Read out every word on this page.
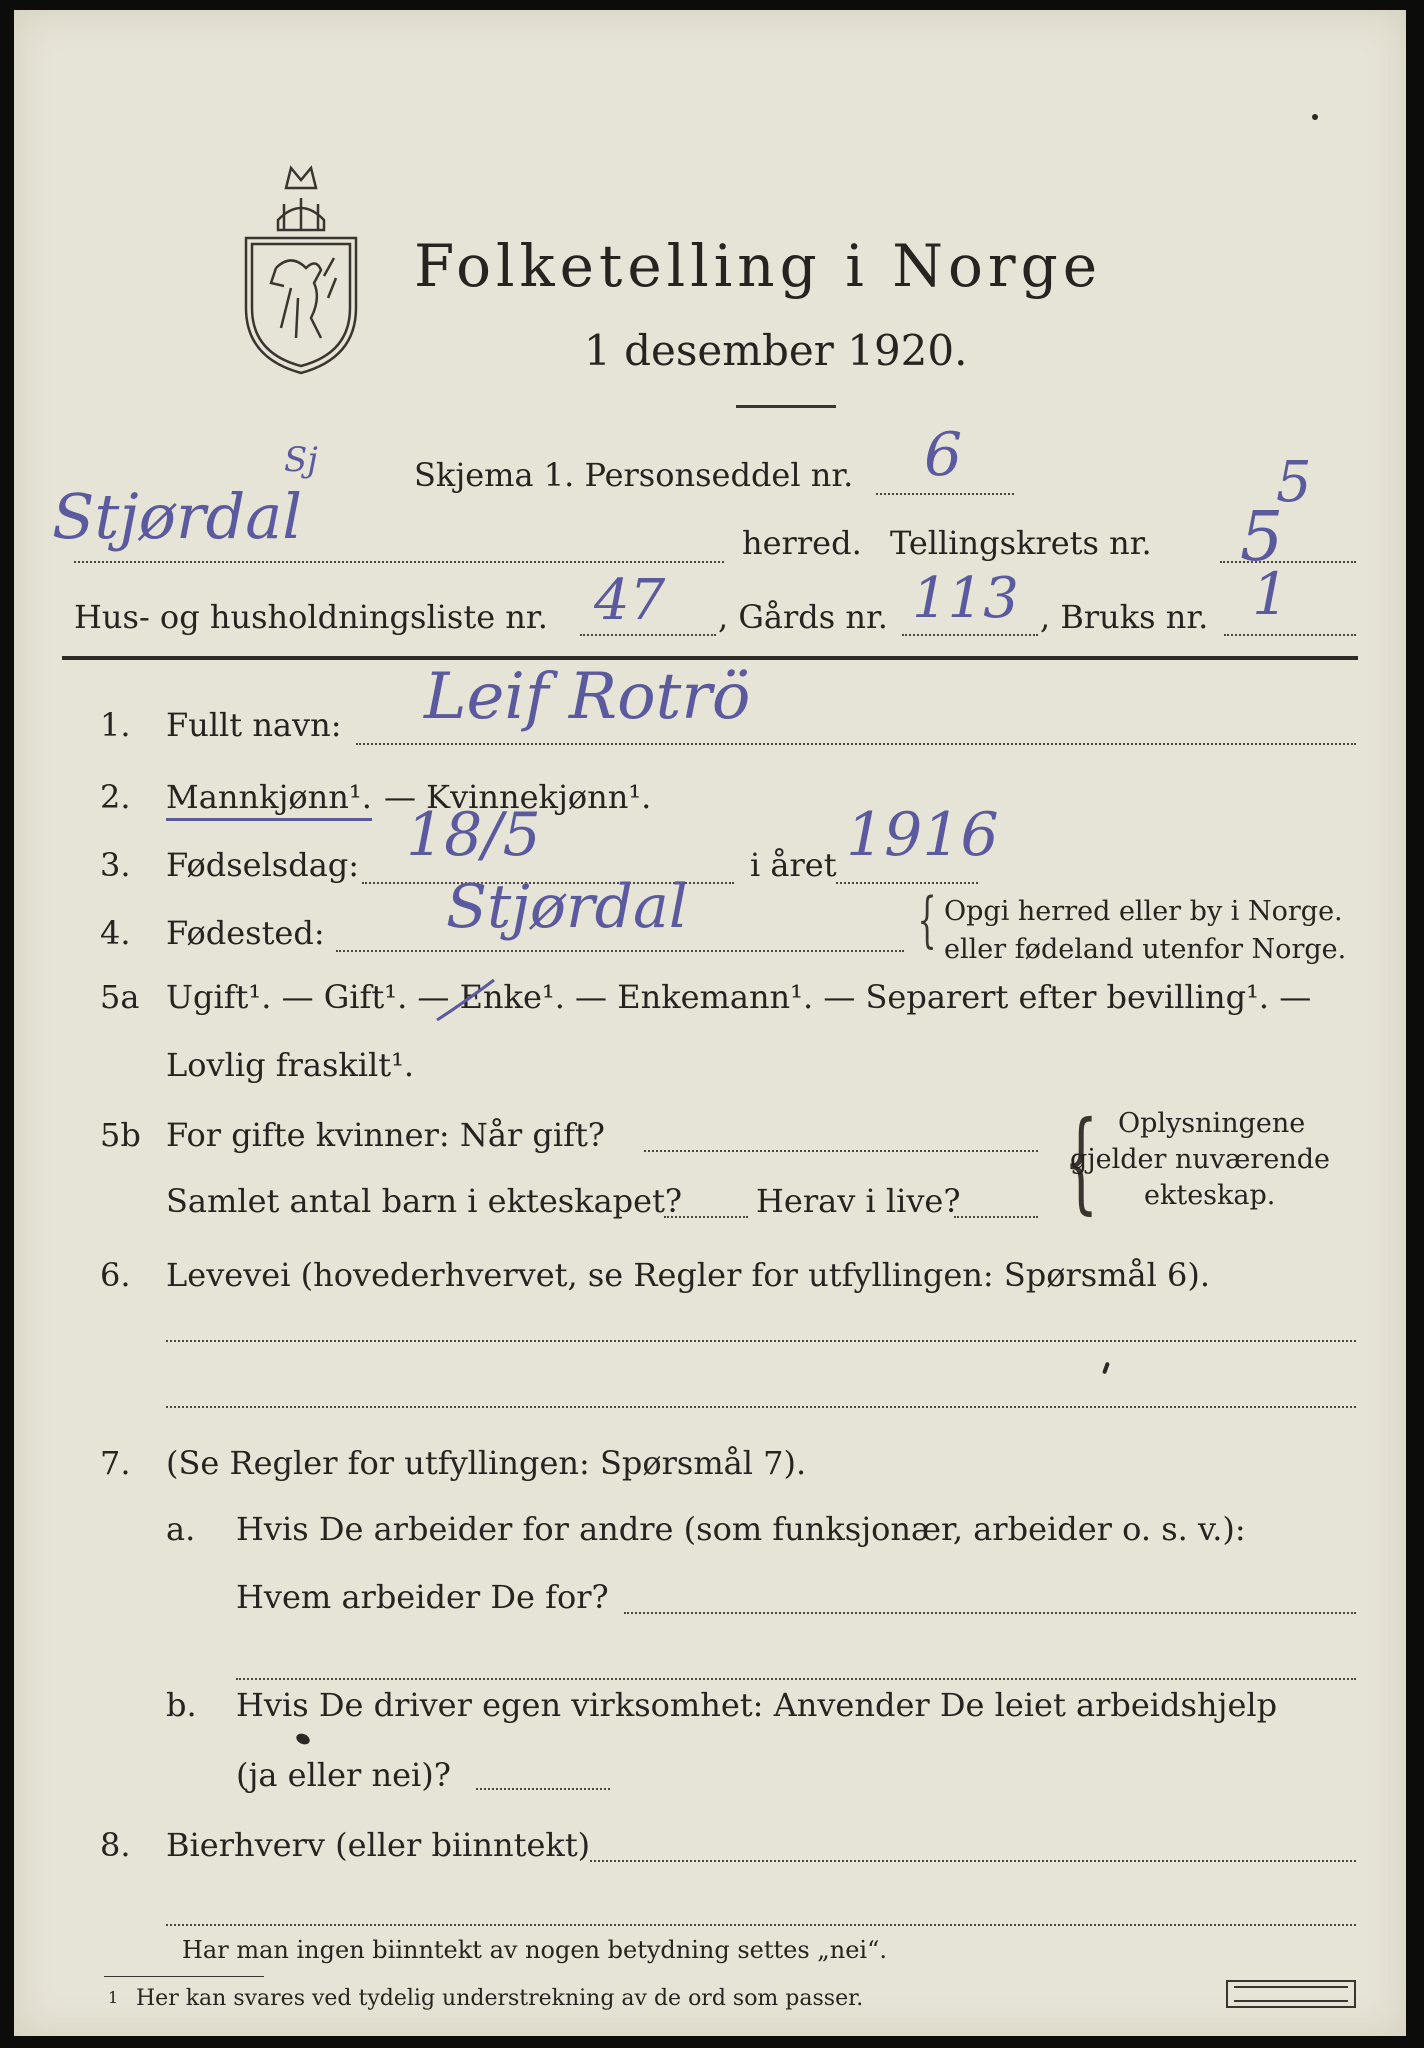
Folketelling i Norge
1 desember 1920.
Skjema 1. Personseddel nr. 6
Stjørdal
Sj
herred. Tellingskrets nr.
5
5
Hus- og husholdningsliste nr. 47 , Gårds nr. 113 , Bruks nr. 1
1. Fullt navn: Leif Rotrö
2. Mannkjønn¹. — Kvinnekjønn¹.
3. Fødselsdag: 18/5	i året 1916
4. Fødested: Stjørdal	{ Opgi herred eller by i Norge.
eller fødeland utenfor Norge.
5a Ugift¹. — Gift¹. — Enke¹. — Enkemann¹. — Separert efter bevilling¹. —
Lovlig fraskilt¹.
5b For gifte kvinner: Når gift?
Samlet antal barn i ekteskapet? Herav i live? { Oplysningene
gjelder nuværende
ekteskap.
6. Levevei (hovederhvervet, se Regler for utfyllingen: Spørsmål 6).
7. (Se Regler for utfyllingen: Spørsmål 7).
a. Hvis De arbeider for andre (som funksjonær, arbeider o. s. v.):
Hvem arbeider De for?
b. Hvis De driver egen virksomhet: Anvender De leiet arbeidshjelp
(ja eller nei)?
8. Bierhverv (eller biinntekt)
Har man ingen biinntekt av nogen betydning settes „nei“.
1 Her kan svares ved tydelig understrekning av de ord som passer.
